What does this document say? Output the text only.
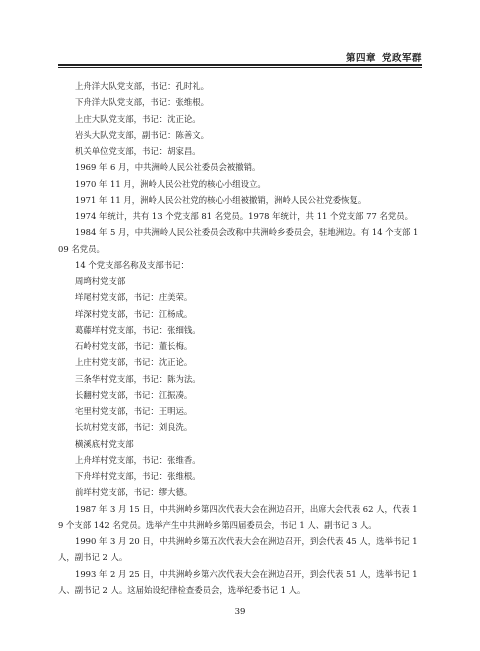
第四章 党政军群

上舟洋大队党支部，书记：孔时礼。

下舟洋大队党支部，书记：张维根。

上庄大队党支部，书记：沈正论。

岩头大队党支部，副书记：陈善文。

机关单位党支部，书记：胡家昌。

1969 年 6 月，中共洲岭人民公社委员会被撤销。

1970 年 11 月，洲岭人民公社党的核心小组设立。

1971 年 11 月，洲岭人民公社党的核心小组被撤销，洲岭人民公社党委恢复。

1974 年统计，共有 13 个党支部 81 名党员。1978 年统计，共 11 个党支部 77 名党员。

1984 年 5 月，中共洲岭人民公社委员会改称中共洲岭乡委员会，驻地洲边。有 14 个支部 109 名党员。

14 个党支部名称及支部书记：

周塆村党支部

垟尾村党支部，书记：庄美荣。

垟深村党支部，书记：江杨成。

葛藤垟村党支部，书记：张细钱。

石岭村党支部，书记：董长梅。

上庄村党支部，书记：沈正论。

三条华村党支部，书记：陈为法。

长翻村党支部，书记：江振凑。

宅里村党支部，书记：王明运。

长坑村党支部，书记：刘良洗。

横溪底村党支部

上舟垟村党支部，书记：张维香。

下舟垟村党支部，书记：张维根。

前垟村党支部，书记：缪大德。

1987 年 3 月 15 日，中共洲岭乡第四次代表大会在洲边召开，出席大会代表 62 人，代表 19 个支部 142 名党员。选举产生中共洲岭乡第四届委员会，书记 1 人、副书记 3 人。

1990 年 3 月 20 日，中共洲岭乡第五次代表大会在洲边召开，到会代表 45 人，选举书记 1 人，副书记 2 人。

1993 年 2 月 25 日，中共洲岭乡第六次代表大会在洲边召开，到会代表 51 人，选举书记 1 人、副书记 2 人。这届始设纪律检查委员会，选举纪委书记 1 人。

39
